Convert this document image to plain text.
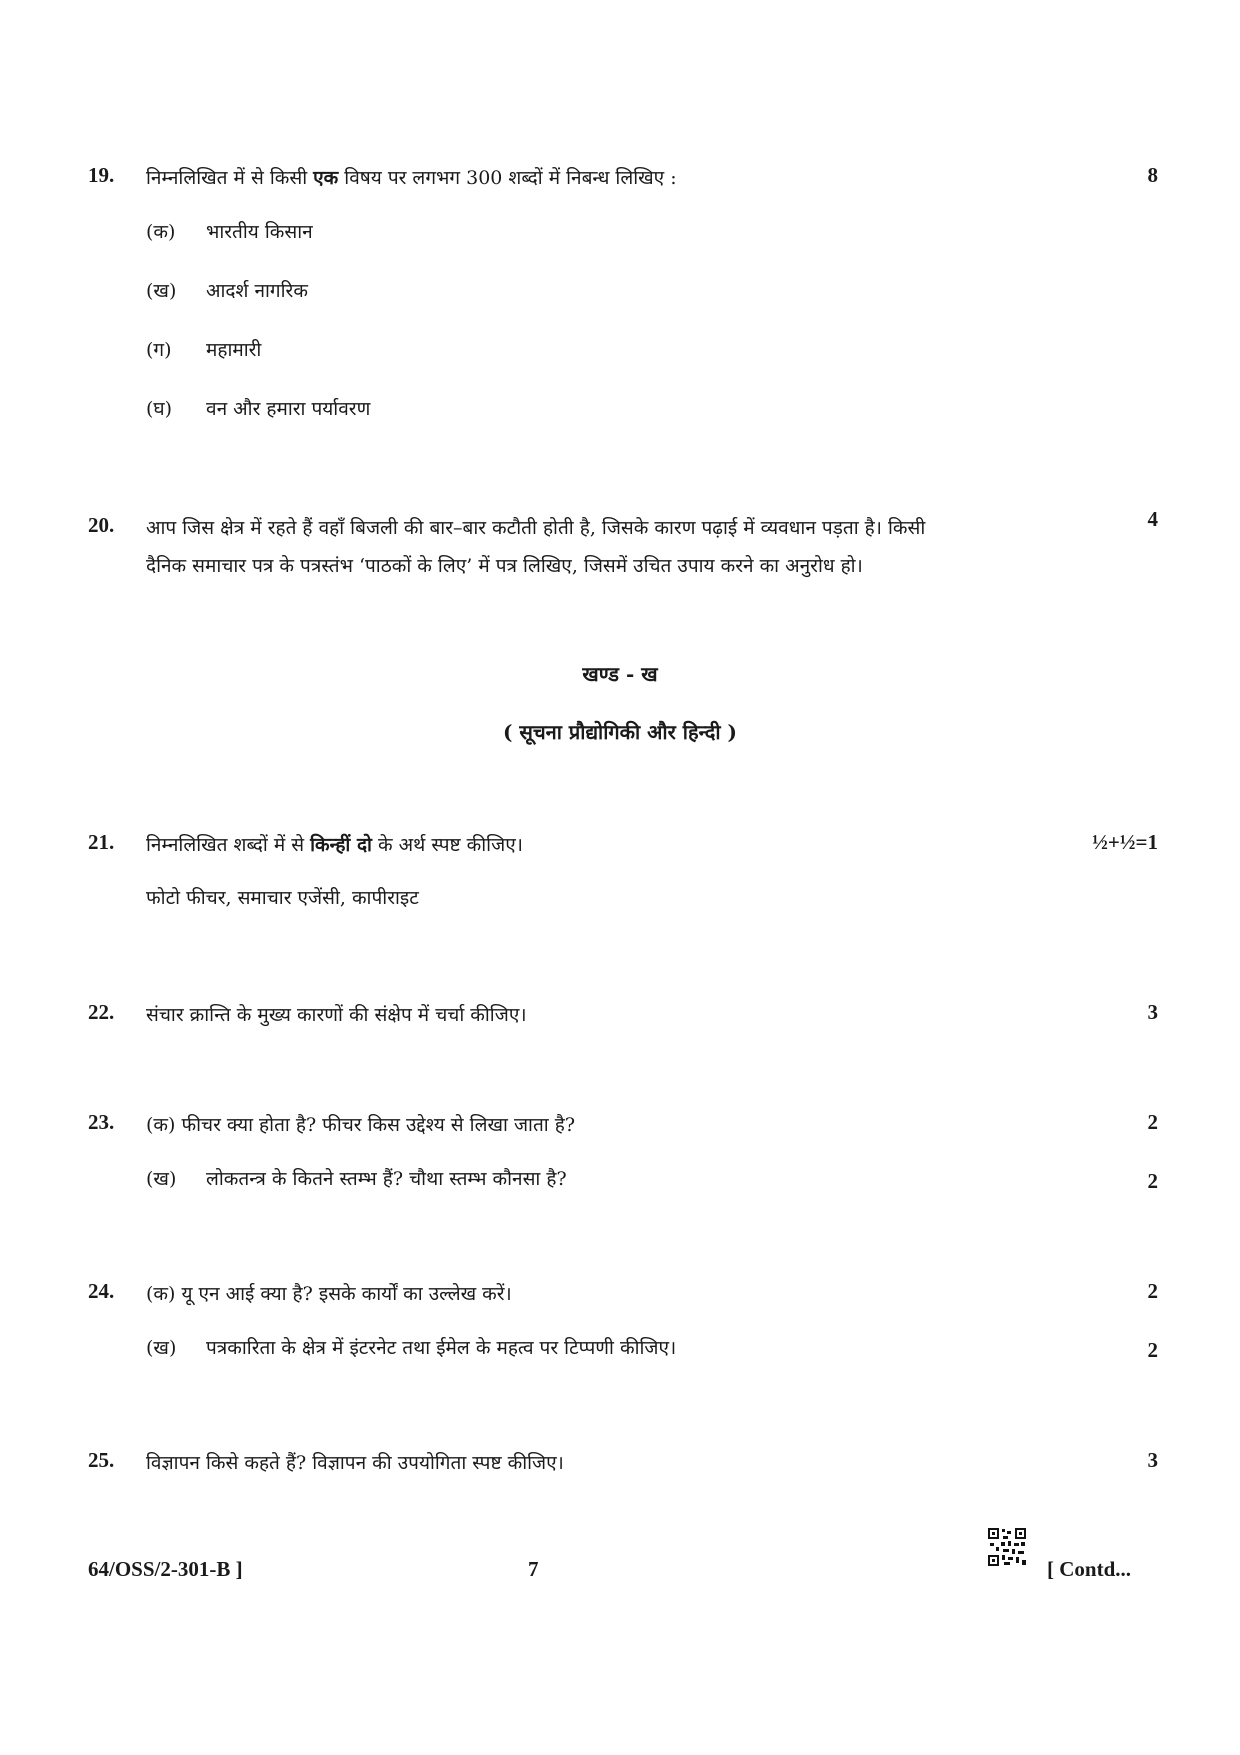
19. निम्नलिखित में से किसी एक विषय पर लगभग 300 शब्दों में निबन्ध लिखिए :	8
(क) भारतीय किसान
(ख) आदर्श नागरिक
(ग) महामारी
(घ) वन और हमारा पर्यावरण
20. आप जिस क्षेत्र में रहते हैं वहाँ बिजली की बार–बार कटौती होती है, जिसके कारण पढ़ाई में व्यवधान पड़ता है। किसी
दैनिक समाचार पत्र के पत्रस्तंभ ‘पाठकों के लिए’ में पत्र लिखिए, जिसमें उचित उपाय करने का अनुरोध हो।
4
खण्ड - ख
( सूचना प्रौद्योगिकी और हिन्दी )
21. निम्नलिखित शब्दों में से किन्हीं दो के अर्थ स्पष्ट कीजिए।	½+½=1
फोटो फीचर, समाचार एजेंसी, कापीराइट
22. संचार क्रान्ति के मुख्य कारणों की संक्षेप में चर्चा कीजिए।	3
23. (क) फीचर क्या होता है? फीचर किस उद्देश्य से लिखा जाता है?	2
(ख) लोकतन्त्र के कितने स्तम्भ हैं? चौथा स्तम्भ कौनसा है?	2
24. (क) यू एन आई क्या है? इसके कार्यों का उल्लेख करें।	2
(ख) पत्रकारिता के क्षेत्र में इंटरनेट तथा ईमेल के महत्व पर टिप्पणी कीजिए।	2
25. विज्ञापन किसे कहते हैं? विज्ञापन की उपयोगिता स्पष्ट कीजिए।	3
64/OSS/2-301-B ]	7	[ Contd...
